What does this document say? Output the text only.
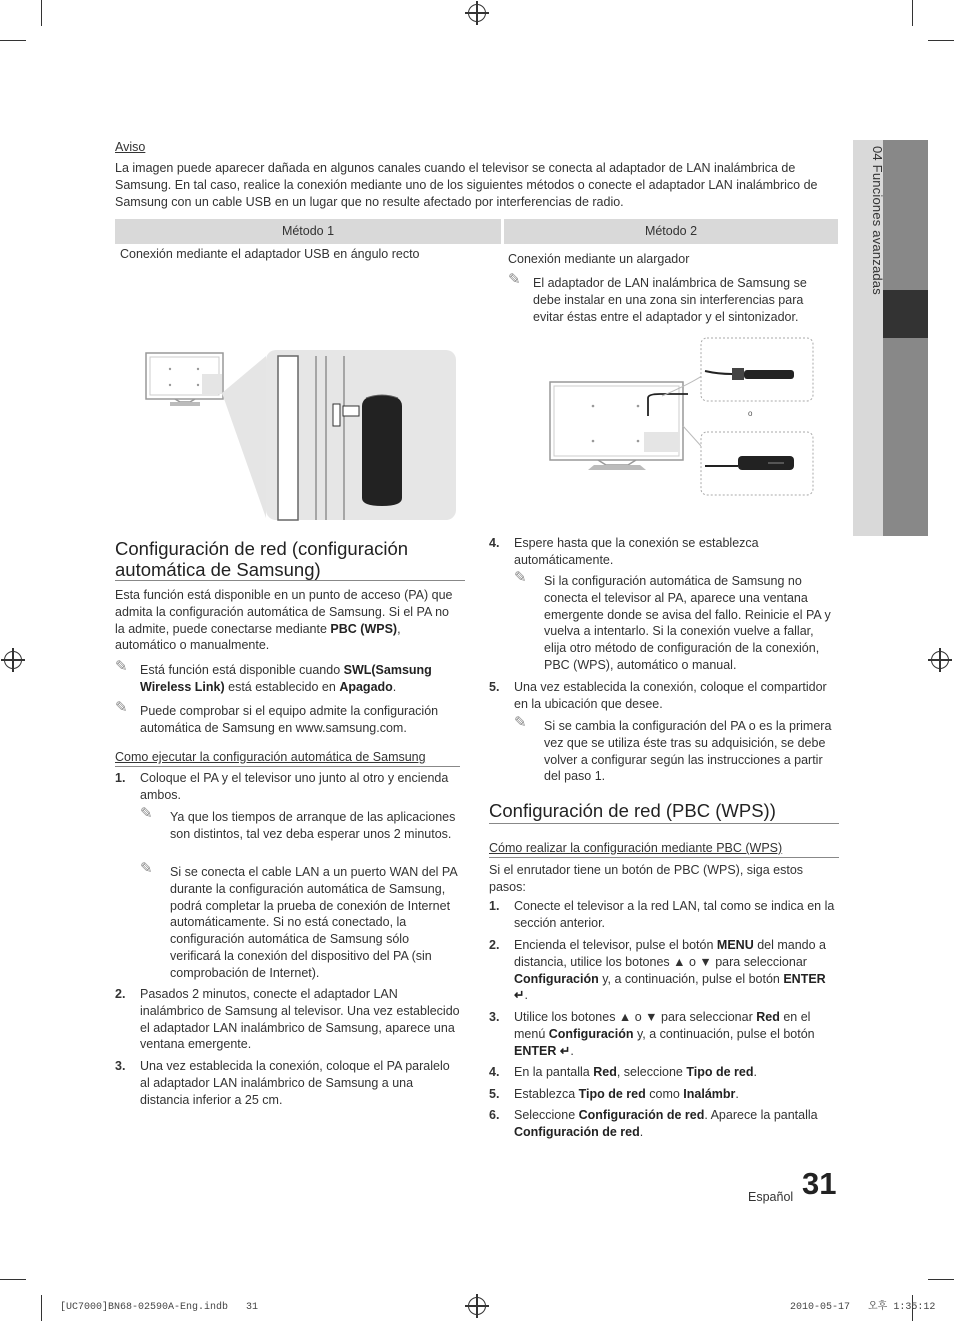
04 Funciones avanzadas
Aviso
La imagen puede aparecer dañada en algunos canales cuando el televisor se conecta al adaptador de LAN inalámbrica de Samsung. En tal caso, realice la conexión mediante uno de los siguientes métodos o conecte el adaptador LAN inalámbrico de Samsung con un cable USB en un lugar que no resulte afectado por interferencias de radio.
Método 1	Método 2
Conexión mediante el adaptador USB en ángulo recto	Conexión mediante un alargador
✎ El adaptador de LAN inalámbrica de Samsung se debe instalar en una zona sin interferencias para evitar éstas entre el adaptador y el sintonizador.
o
Configuración de red (configuración automática de Samsung)
Esta función está disponible en un punto de acceso (PA) que admita la configuración automática de Samsung. Si el PA no la admite, puede conectarse mediante PBC (WPS), automático o manualmente.
✎ Está función está disponible cuando SWL(Samsung Wireless Link) está establecido en Apagado.
✎ Puede comprobar si el equipo admite la configuración automática de Samsung en www.samsung.com.
Como ejecutar la configuración automática de Samsung
1. Coloque el PA y el televisor uno junto al otro y encienda ambos.
✎ Ya que los tiempos de arranque de las aplicaciones son distintos, tal vez deba esperar unos 2 minutos.
✎ Si se conecta el cable LAN a un puerto WAN del PA durante la configuración automática de Samsung, podrá completar la prueba de conexión de Internet automáticamente. Si no está conectado, la configuración automática de Samsung sólo verificará la conexión del dispositivo del PA (sin comprobación de Internet).
2. Pasados 2 minutos, conecte el adaptador LAN inalámbrico de Samsung al televisor. Una vez establecido el adaptador LAN inalámbrico de Samsung, aparece una ventana emergente.
3. Una vez establecida la conexión, coloque el PA paralelo al adaptador LAN inalámbrico de Samsung a una distancia inferior a 25 cm.
4. Espere hasta que la conexión se establezca automáticamente.
✎ Si la configuración automática de Samsung no conecta el televisor al PA, aparece una ventana emergente donde se avisa del fallo. Reinicie el PA y vuelva a intentarlo. Si la conexión vuelve a fallar, elija otro método de configuración de la conexión, PBC (WPS), automático o manual.
5. Una vez establecida la conexión, coloque el compartidor en la ubicación que desee.
✎ Si se cambia la configuración del PA o es la primera vez que se utiliza éste tras su adquisición, se debe volver a configurar según las instrucciones a partir del paso 1.
Configuración de red (PBC (WPS))
Cómo realizar la configuración mediante PBC (WPS)
Si el enrutador tiene un botón de PBC (WPS), siga estos pasos:
1. Conecte el televisor a la red LAN, tal como se indica en la sección anterior.
2. Encienda el televisor, pulse el botón MENU del mando a distancia, utilice los botones ▲ o ▼ para seleccionar Configuración y, a continuación, pulse el botón ENTER ↵.
3. Utilice los botones ▲ o ▼ para seleccionar Red en el menú Configuración y, a continuación, pulse el botón ENTER ↵.
4. En la pantalla Red, seleccione Tipo de red.
5. Establezca Tipo de red como Inalámbr.
6. Seleccione Configuración de red. Aparece la pantalla Configuración de red.
Español 31
[UC7000]BN68-02590A-Eng.indb   31	2010-05-17   오후 1:35:12
